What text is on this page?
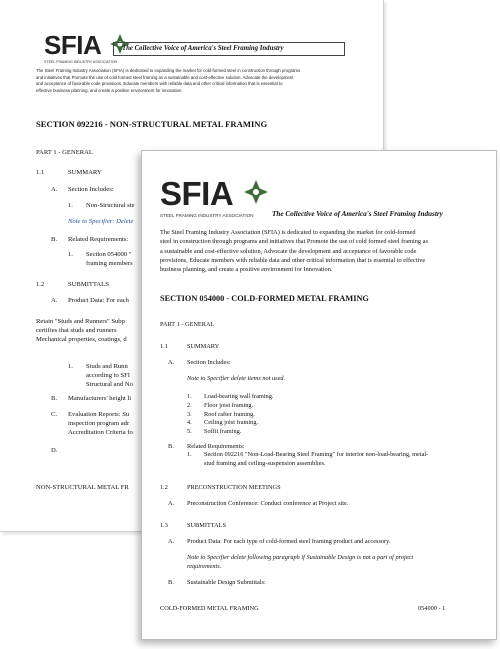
SFIA
STEEL FRAMING INDUSTRY ASSOCIATION
The Collective Voice of America's Steel Framing Industry
The Steel Framing Industry Association (SFIA) is dedicated to expanding the market for cold-formed steel in construction through programs
and initiatives that Promote the use of cold formed steel framing as a sustainable and cost-effective solution, Advocate the development
and acceptance of favorable code provisions, Educate members with reliable data and other critical information that is essential to
effective business planning, and create a positive environment for innovation.
SECTION 092216 - NON-STRUCTURAL METAL FRAMING
PART 1 - GENERAL
1.1	SUMMARY
A. Section Includes:
1. Non-Structural ste
Note to Specifier: Delete
B. Related Requirements:
1. Section 054000 "
framing members
1.2	SUBMITTALS
A. Product Data: For each
Retain "Studs and Runners" Subp
certifies that studs and runners
Mechanical properties, coatings, d
1. Studs and Runn
according to SFI
Structural and No
B. Manufacturers' height li
C. Evaluation Reports: Su
inspection program adr
Accreditation Criteria fo
D.
NON-STRUCTURAL METAL FR
SFIA
STEEL FRAMING INDUSTRY ASSOCIATION	The Collective Voice of America's Steel Framing Industry
The Steel Framing Industry Association (SFIA) is dedicated to expanding the market for cold-formed
steel in construction through programs and initiatives that Promote the use of cold formed steel framing as
a sustainable and cost-effective solution, Advocate the development and acceptance of favorable code
provisions, Educate members with reliable data and other critical information that is essential to effective
business planning, and create a positive environment for Innovation.
SECTION 054000 - COLD-FORMED METAL FRAMING
PART 1 - GENERAL
1.1	SUMMARY
A. Section Includes:
Note to Specifier delete items not used.
1. Load-bearing wall framing.
2. Floor joist framing.
3. Roof rafter framing.
4. Ceiling joist framing.
5. Soffit framing.
B. Related Requirements:
1. Section 092216 "Non-Load-Bearing Steel Framing" for interior non-load-bearing, metal-
stud framing and ceiling-suspension assemblies.
1.2	PRECONSTRUCTION MEETINGS
A. Preconstruction Conference: Conduct conference at Project site.
1.3	SUBMITTALS
A. Product Data: For each type of cold-formed steel framing product and accessory.
Note to Specifier delete following paragraph if Sustainable Design is not a part of project
requirements.
B. Sustainable Design Submittals:
COLD-FORMED METAL FRAMING	054000 - 1
